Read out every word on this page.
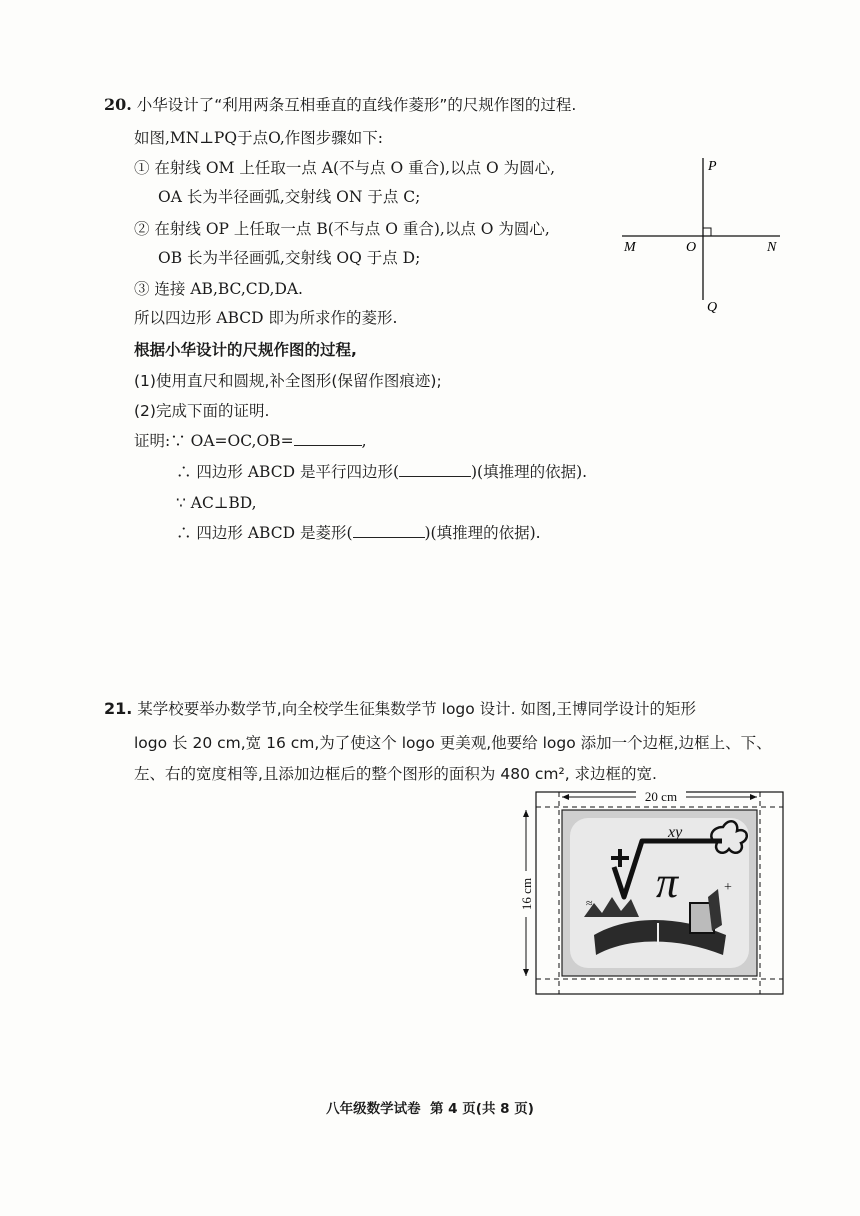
20. 小华设计了“利用两条互相垂直的直线作菱形”的尺规作图的过程.
如图,MN⊥PQ于点O,作图步骤如下:
① 在射线 OM 上任取一点 A(不与点 O 重合),以点 O 为圆心,
OA 长为半径画弧,交射线 ON 于点 C;
② 在射线 OP 上任取一点 B(不与点 O 重合),以点 O 为圆心,
OB 长为半径画弧,交射线 OQ 于点 D;
③ 连接 AB,BC,CD,DA.
所以四边形 ABCD 即为所求作的菱形.
根据小华设计的尺规作图的过程,
(1)使用直尺和圆规,补全图形(保留作图痕迹);
(2)完成下面的证明.
证明:∵ OA=OC,OB=	,
∴ 四边形 ABCD 是平行四边形(	)(填推理的依据).
∵ AC⊥BD,
∴ 四边形 ABCD 是菱形(	)(填推理的依据).
P
M	O	N
Q
21. 某学校要举办数学节,向全校学生征集数学节 logo 设计. 如图,王博同学设计的矩形
logo 长 20 cm,宽 16 cm,为了使这个 logo 更美观,他要给 logo 添加一个边框,边框上、下、
左、右的宽度相等,且添加边框后的整个图形的面积为 480 cm², 求边框的宽.
π
xy
≈
+
20 cm
16 cm
八年级数学试卷  第 4 页(共 8 页)
